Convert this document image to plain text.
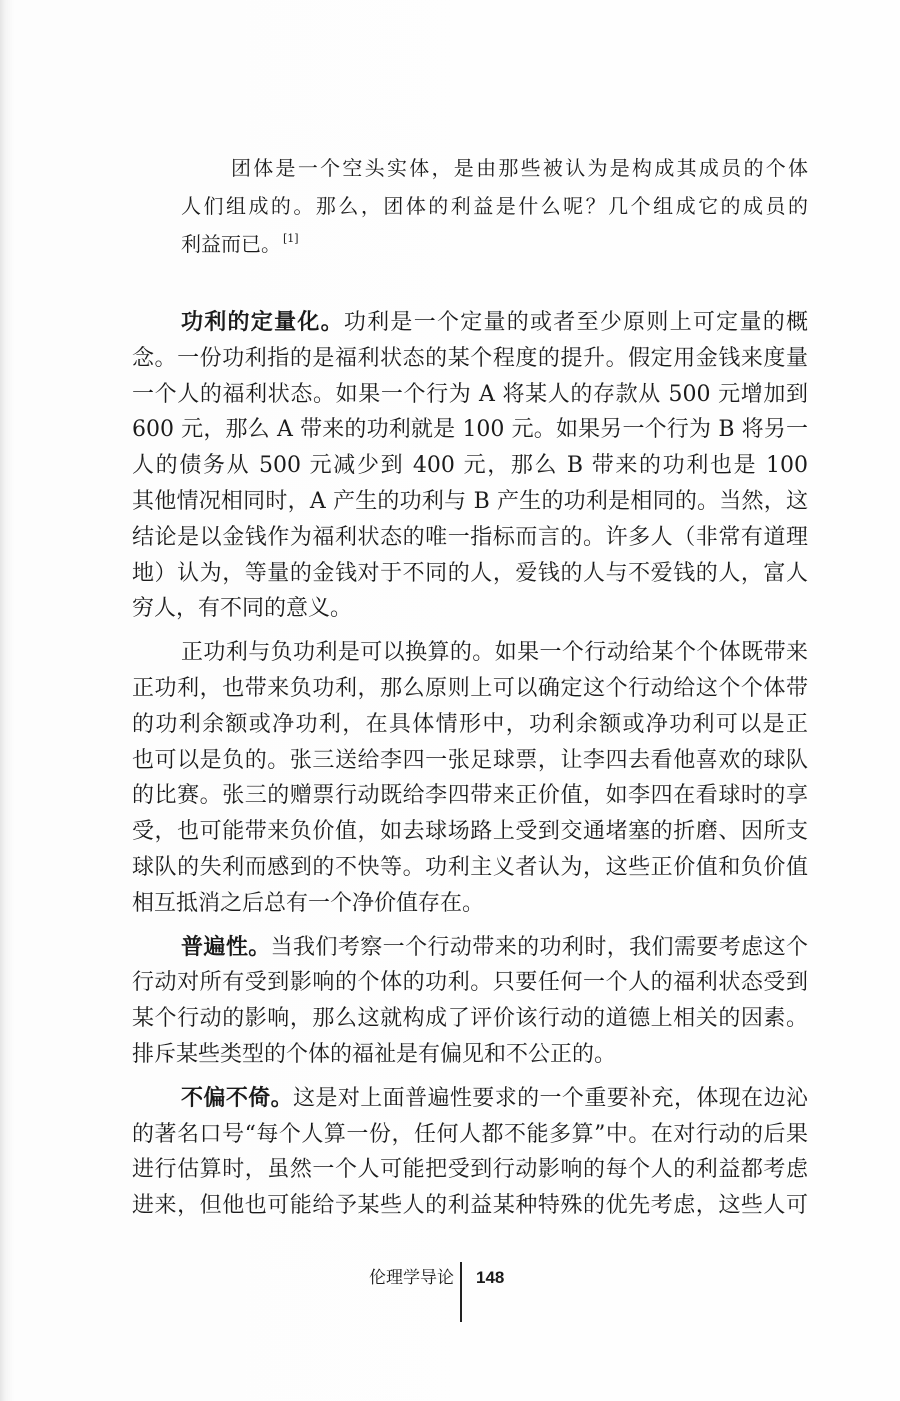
团体是一个空头实体，是由那些被认为是构成其成员的个体
人们组成的。那么，团体的利益是什么呢？几个组成它的成员的
利益而已。 [1]
功利的定量化。功利是一个定量的或者至少原则上可定量的概
念。一份功利指的是福利状态的某个程度的提升。假定用金钱来度量
一个人的福利状态。如果一个行为 A 将某人的存款从 500 元增加到
600 元，那么 A 带来的功利就是 100 元。如果另一个行为 B 将另一
人的债务从 500 元减少到 400 元，那么 B 带来的功利也是 100
其他情况相同时，A 产生的功利与 B 产生的功利是相同的。当然，这
结论是以金钱作为福利状态的唯一指标而言的。许多人（非常有道理
地）认为，等量的金钱对于不同的人，爱钱的人与不爱钱的人，富人
穷人，有不同的意义。
正功利与负功利是可以换算的。如果一个行动给某个个体既带来
正功利，也带来负功利，那么原则上可以确定这个行动给这个个体带
的功利余额或净功利，在具体情形中，功利余额或净功利可以是正
也可以是负的。张三送给李四一张足球票，让李四去看他喜欢的球队
的比赛。张三的赠票行动既给李四带来正价值，如李四在看球时的享
受，也可能带来负价值，如去球场路上受到交通堵塞的折磨、因所支
球队的失利而感到的不快等。功利主义者认为，这些正价值和负价值
相互抵消之后总有一个净价值存在。
普遍性。当我们考察一个行动带来的功利时，我们需要考虑这个
行动对所有受到影响的个体的功利。只要任何一个人的福利状态受到
某个行动的影响，那么这就构成了评价该行动的道德上相关的因素。
排斥某些类型的个体的福祉是有偏见和不公正的。
不偏不倚。这是对上面普遍性要求的一个重要补充，体现在边沁
的著名口号“每个人算一份，任何人都不能多算”中。在对行动的后果
进行估算时，虽然一个人可能把受到行动影响的每个人的利益都考虑
进来，但他也可能给予某些人的利益某种特殊的优先考虑，这些人可
伦理学导论 148
